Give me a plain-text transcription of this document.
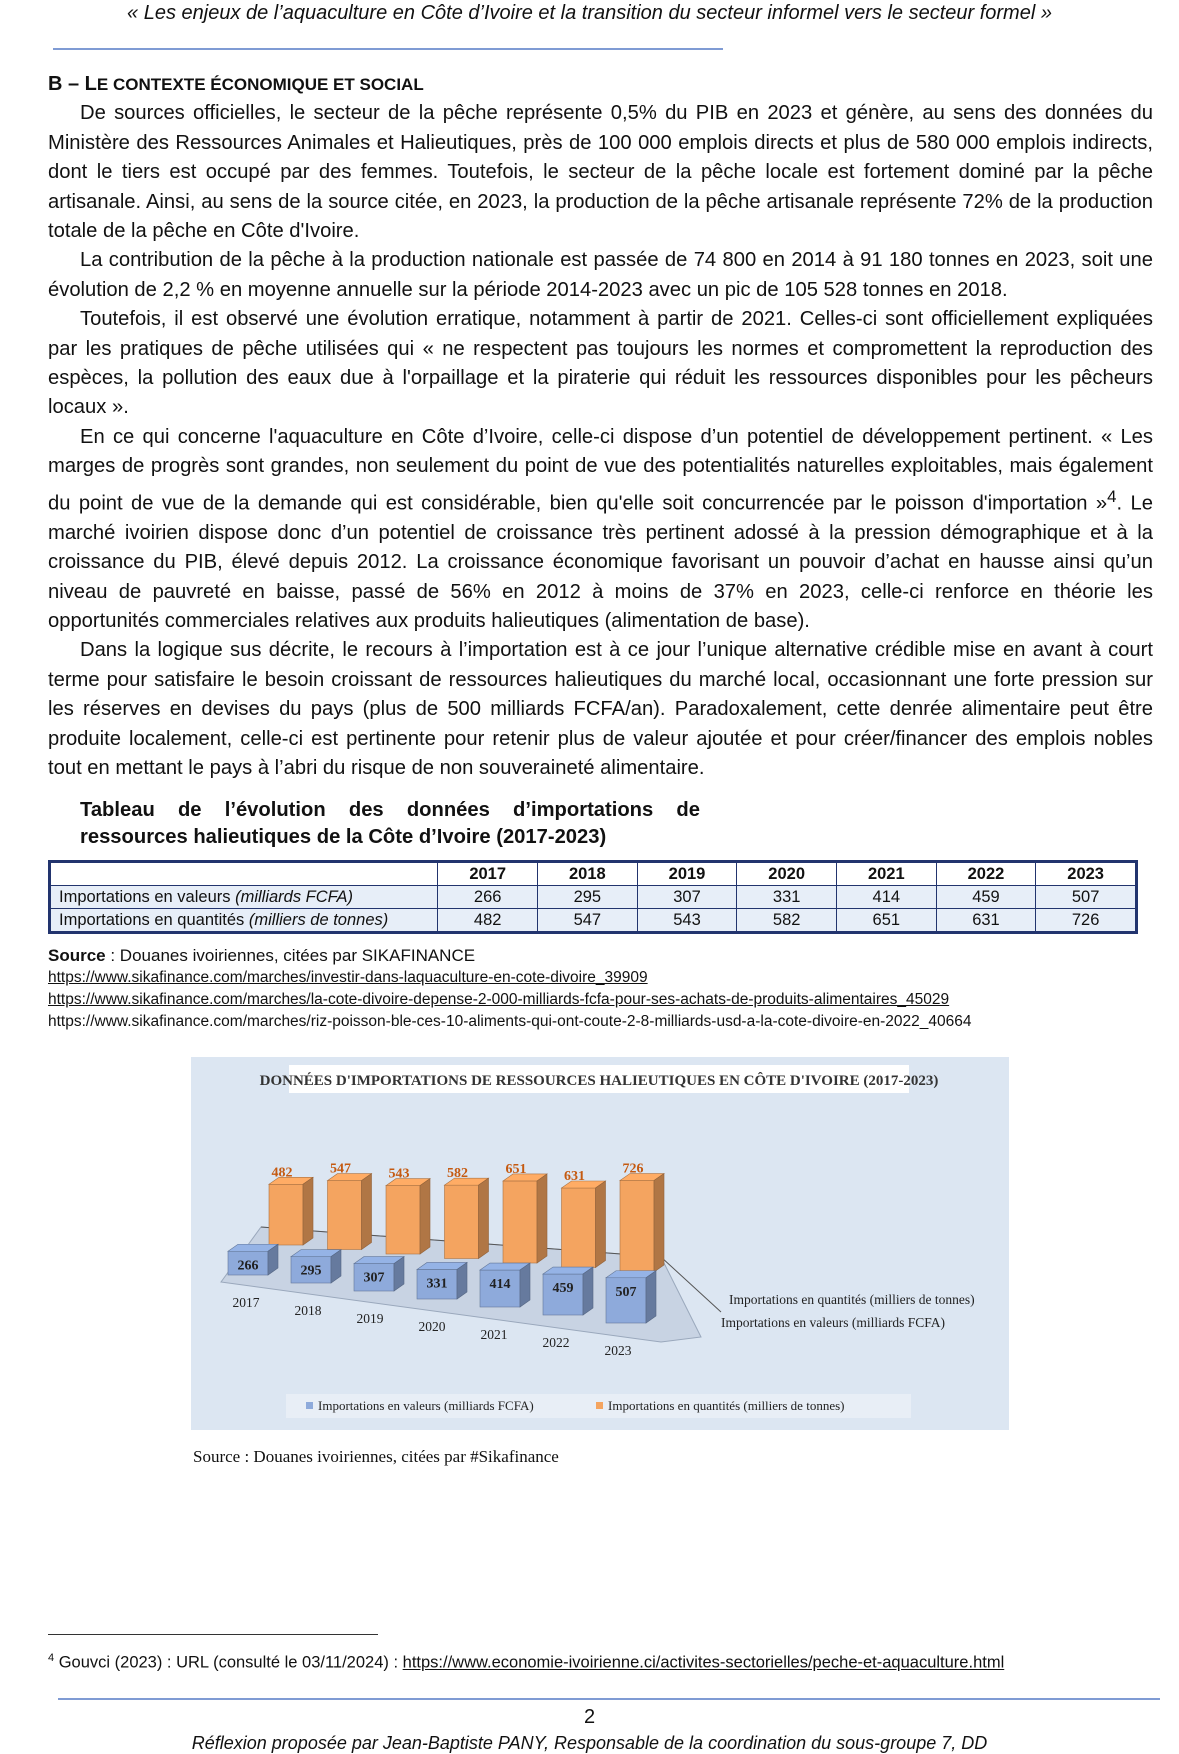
« Les enjeux de l’aquaculture en Côte d’Ivoire et la transition du secteur informel vers le secteur formel »
B – LE CONTEXTE ÉCONOMIQUE ET SOCIAL

De sources officielles, le secteur de la pêche représente 0,5% du PIB en 2023 et génère, au sens des données du Ministère des Ressources Animales et Halieutiques, près de 100 000 emplois directs et plus de 580 000 emplois indirects, dont le tiers est occupé par des femmes. Toutefois, le secteur de la pêche locale est fortement dominé par la pêche artisanale. Ainsi, au sens de la source citée, en 2023, la production de la pêche artisanale représente 72% de la production totale de la pêche en Côte d'Ivoire.

La contribution de la pêche à la production nationale est passée de 74 800 en 2014 à 91 180 tonnes en 2023, soit une évolution de 2,2 % en moyenne annuelle sur la période 2014-2023 avec un pic de 105 528 tonnes en 2018.

Toutefois, il est observé une évolution erratique, notamment à partir de 2021. Celles-ci sont officiellement expliquées par les pratiques de pêche utilisées qui « ne respectent pas toujours les normes et compromettent la reproduction des espèces, la pollution des eaux due à l'orpaillage et la piraterie qui réduit les ressources disponibles pour les pêcheurs locaux ».

En ce qui concerne l'aquaculture en Côte d’Ivoire, celle-ci dispose d’un potentiel de développement pertinent. « Les marges de progrès sont grandes, non seulement du point de vue des potentialités naturelles exploitables, mais également du point de vue de la demande qui est considérable, bien qu'elle soit concurrencée par le poisson d'importation »$^4$. Le marché ivoirien dispose donc d’un potentiel de croissance très pertinent adossé à la pression démographique et à la croissance du PIB, élevé depuis 2012. La croissance économique favorisant un pouvoir d’achat en hausse ainsi qu’un niveau de pauvreté en baisse, passé de 56% en 2012 à moins de 37% en 2023, celle-ci renforce en théorie les opportunités commerciales relatives aux produits halieutiques (alimentation de base).

Dans la logique sus décrite, le recours à l’importation est à ce jour l’unique alternative crédible mise en avant à court terme pour satisfaire le besoin croissant de ressources halieutiques du marché local, occasionnant une forte pression sur les réserves en devises du pays (plus de 500 milliards FCFA/an). Paradoxalement, cette denrée alimentaire peut être produite localement, celle-ci est pertinente pour retenir plus de valeur ajoutée et pour créer/financer des emplois nobles tout en mettant le pays à l’abri du risque de non souveraineté alimentaire.

Tableau de l’évolution des données d’importations de ressources halieutiques de la Côte d’Ivoire (2017-2023)
	2017	2018	2019	2020	2021	2022	2023
Importations en valeurs (milliards FCFA)	266	295	307	331	414	459	507
Importations en quantités (milliers de tonnes)	482	547	543	582	651	631	726
Source : Douanes ivoiriennes, citées par SIKAFINANCE
https://www.sikafinance.com/marches/investir-dans-laquaculture-en-cote-divoire_39909
https://www.sikafinance.com/marches/la-cote-divoire-depense-2-000-milliards-fcfa-pour-ses-achats-de-produits-alimentaires_45029
https://www.sikafinance.com/marches/riz-poisson-ble-ces-10-aliments-qui-ont-coute-2-8-milliards-usd-a-la-cote-divoire-en-2022_40664
DONNÉES D'IMPORTATIONS DE RESSOURCES HALIEUTIQUES EN CÔTE D'IVOIRE (2017-2023)
482	547	543	582	651	631	726
266	295	307	331	414	459	507
2017
2018
2019
2020
2021
2022
2023
Importations en quantités (milliers de tonnes)
Importations en valeurs (milliards FCFA)
Importations en valeurs (milliards FCFA)	Importations en quantités (milliers de tonnes)
Source : Douanes ivoiriennes, citées par #Sikafinance
$^4$ Gouvci (2023) : URL (consulté le 03/11/2024) : https://www.economie-ivoirienne.ci/activites-sectorielles/peche-et-aquaculture.html
2
Réflexion proposée par Jean-Baptiste PANY, Responsable de la coordination du sous-groupe 7, DD
